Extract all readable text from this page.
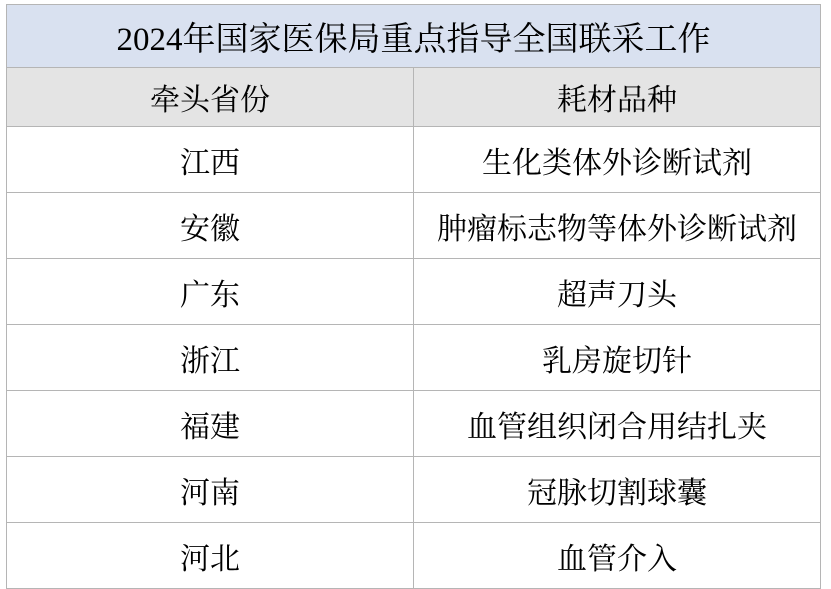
2024年国家医保局重点指导全国联采工作	
牵头省份	耗材品种
江西	生化类体外诊断试剂
安徽	肿瘤标志物等体外诊断试剂
广东	超声刀头
浙江	乳房旋切针
福建	血管组织闭合用结扎夹
河南	冠脉切割球囊
河北	血管介入
